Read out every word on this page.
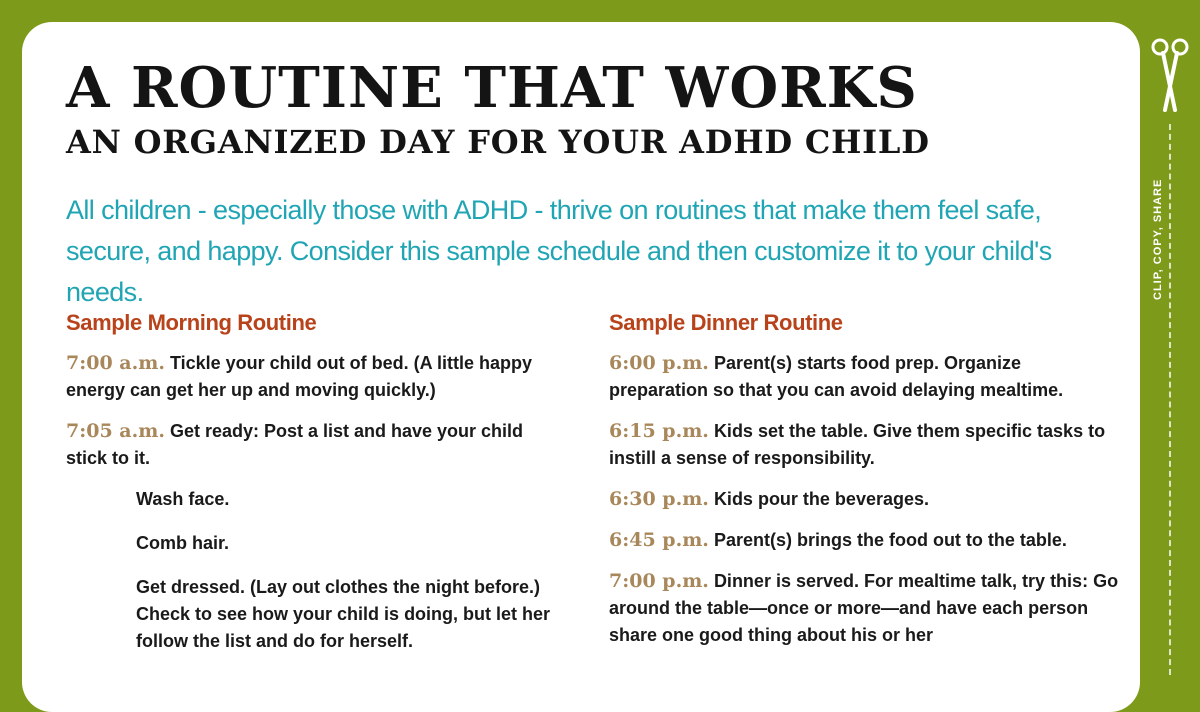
A ROUTINE THAT WORKS
AN ORGANIZED DAY FOR YOUR ADHD CHILD

All children - especially those with ADHD - thrive on routines that make them feel safe, secure, and happy. Consider this sample schedule and then customize it to your child's needs.

Sample Morning Routine

7:00 a.m. Tickle your child out of bed. (A little happy energy can get her up and moving quickly.)

7:05 a.m. Get ready: Post a list and have your child stick to it.

Wash face.

Comb hair.

Get dressed. (Lay out clothes the night before.) Check to see how your child is doing, but let her follow the list and do for herself.

Sample Dinner Routine

6:00 p.m. Parent(s) starts food prep. Organize preparation so that you can avoid delaying mealtime.

6:15 p.m. Kids set the table. Give them specific tasks to instill a sense of responsibility.

6:30 p.m. Kids pour the beverages.

6:45 p.m. Parent(s) brings the food out to the table.

7:00 p.m. Dinner is served. For mealtime talk, try this: Go around the table—once or more—and have each person share one good thing about his or her

CLIP, COPY, SHARE
